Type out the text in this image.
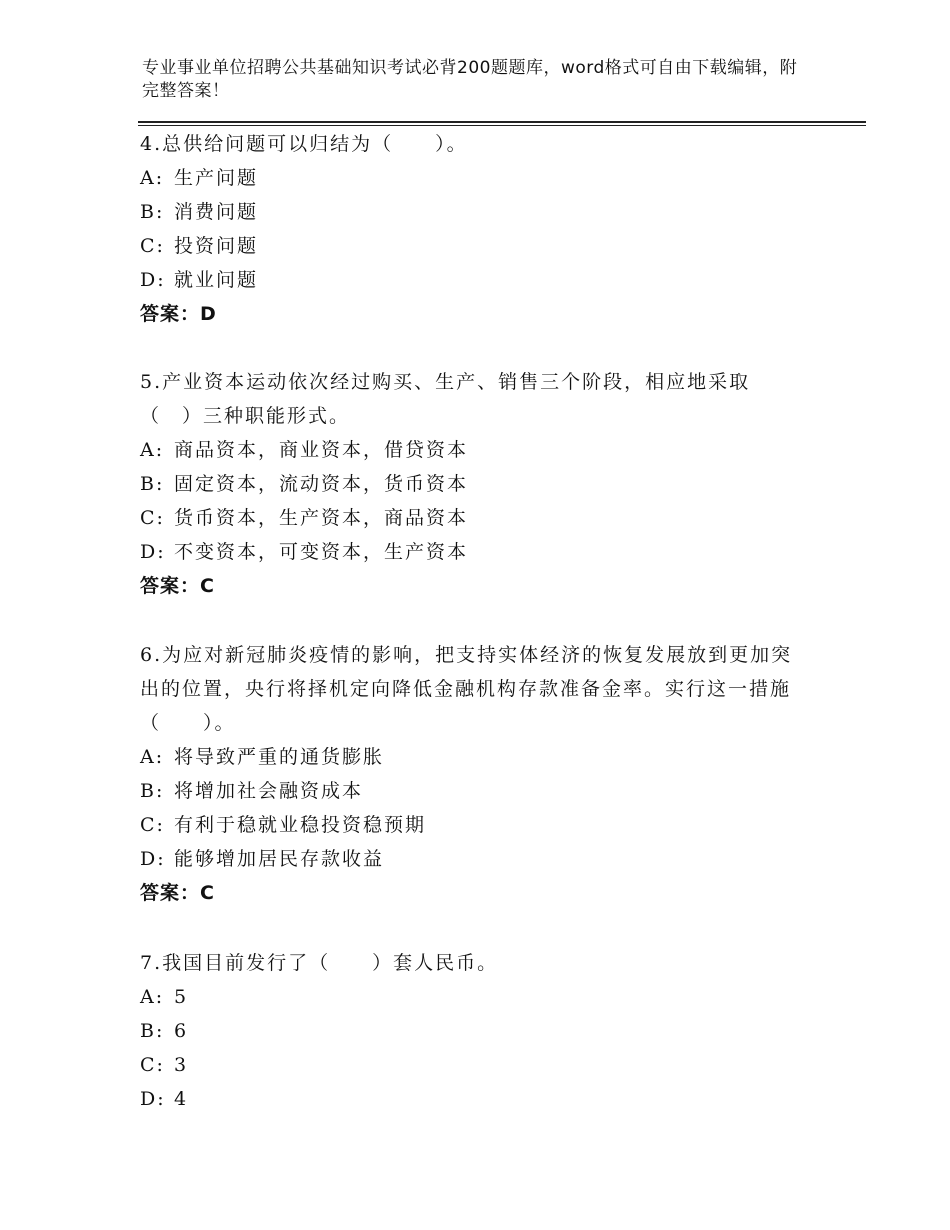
专业事业单位招聘公共基础知识考试必背200题题库，word格式可自由下载编辑，附完整答案！
4.总供给问题可以归结为（　　）。
A: 生产问题
B: 消费问题
C: 投资问题
D: 就业问题
答案：D
5.产业资本运动依次经过购买、生产、销售三个阶段，相应地采取（　）三种职能形式。
A: 商品资本，商业资本，借贷资本
B: 固定资本，流动资本，货币资本
C: 货币资本，生产资本，商品资本
D: 不变资本，可变资本，生产资本
答案：C
6.为应对新冠肺炎疫情的影响，把支持实体经济的恢复发展放到更加突出的位置，央行将择机定向降低金融机构存款准备金率。实行这一措施（　　）。
A: 将导致严重的通货膨胀
B: 将增加社会融资成本
C: 有利于稳就业稳投资稳预期
D: 能够增加居民存款收益
答案：C
7.我国目前发行了（　　）套人民币。
A: 5
B: 6
C: 3
D: 4
